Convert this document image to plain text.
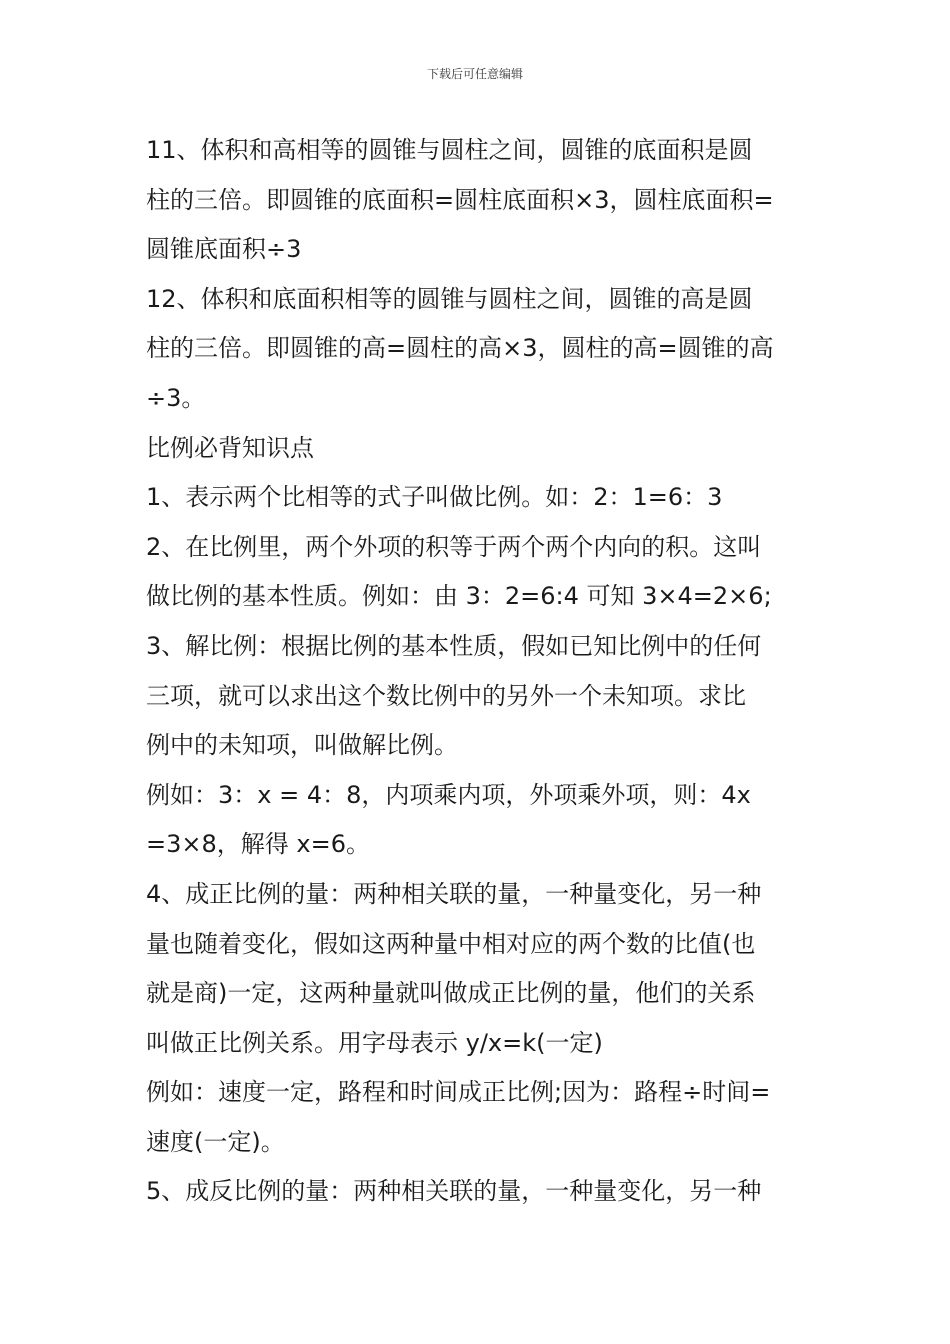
下载后可任意编辑
11、体积和高相等的圆锥与圆柱之间，圆锥的底面积是圆
柱的三倍。即圆锥的底面积=圆柱底面积×3，圆柱底面积=
圆锥底面积÷3
12、体积和底面积相等的圆锥与圆柱之间，圆锥的高是圆
柱的三倍。即圆锥的高=圆柱的高×3，圆柱的高=圆锥的高
÷3。
比例必背知识点
1、表示两个比相等的式子叫做比例。如：2：1=6：3
2、在比例里，两个外项的积等于两个两个内向的积。这叫
做比例的基本性质。例如：由 3：2=6:4 可知 3×4=2×6;
3、解比例：根据比例的基本性质，假如已知比例中的任何
三项，就可以求出这个数比例中的另外一个未知项。求比
例中的未知项，叫做解比例。
例如：3：x = 4：8，内项乘内项，外项乘外项，则：4x
=3×8，解得 x=6。
4、成正比例的量：两种相关联的量，一种量变化，另一种
量也随着变化，假如这两种量中相对应的两个数的比值(也
就是商)一定，这两种量就叫做成正比例的量，他们的关系
叫做正比例关系。用字母表示 y/x=k(一定)
例如：速度一定，路程和时间成正比例;因为：路程÷时间=
速度(一定)。
5、成反比例的量：两种相关联的量，一种量变化，另一种
